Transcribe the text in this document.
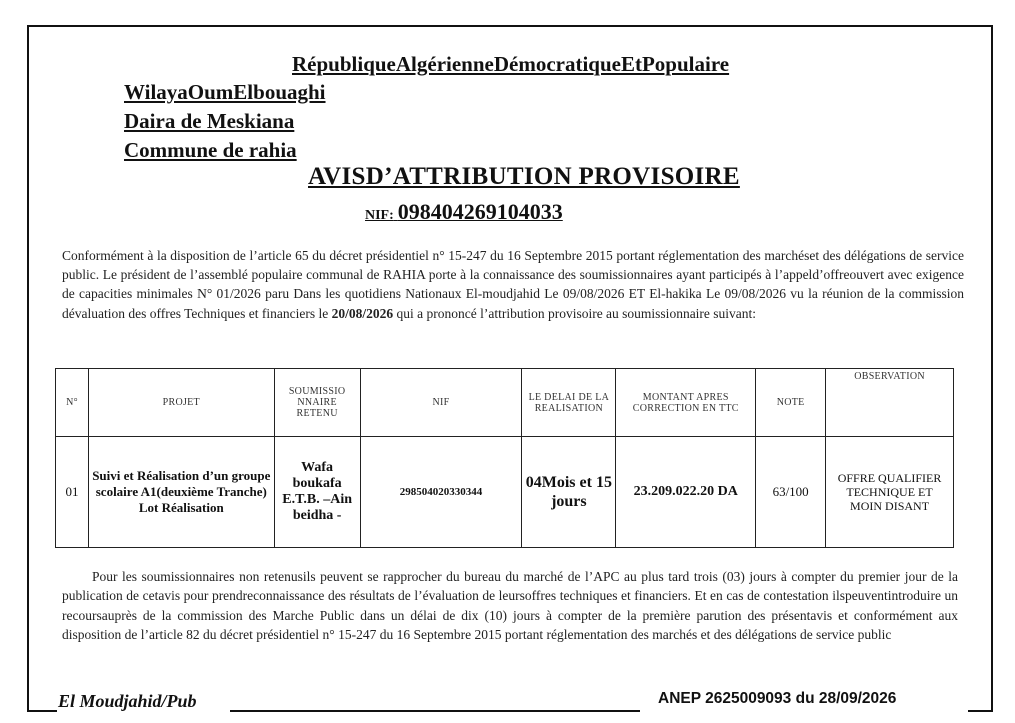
RépubliqueAlgérienneDémocratiqueEtPopulaire
WilayaOumElbouaghi
Daira de Meskiana
Commune de rahia
AVISD’ATTRIBUTION PROVISOIRE
NIF: 098404269104033
Conformément à la disposition de l’article 65 du décret présidentiel n° 15-247 du 16 Septembre 2015 portant réglementation des marchéset des délégations de service public. Le président de l’assemblé populaire communal de RAHIA porte à la connaissance des soumissionnaires ayant participés à l’appeld’offreouvert avec exigence de capacities minimales N° 01/2026 paru Dans les quotidiens Nationaux El-moudjahid Le 09/08/2026 ET El-hakika Le 09/08/2026 vu la réunion de la commission dévaluation des offres Techniques et financiers le 20/08/2026 qui a prononcé l’attribution provisoire au soumissionnaire suivant:
N°	PROJET	SOUMISSIO NNAIRE RETENU	NIF	LE DELAI DE LA REALISATION	MONTANT APRES CORRECTION EN TTC	NOTE	OBSERVATION
01	Suivi et Réalisation d’un groupe scolaire A1(deuxième Tranche) Lot Réalisation	Wafa boukafa E.T.B. –Ain beidha -	298504020330344	04Mois et 15 jours	23.209.022.20 DA	63/100	OFFRE QUALIFIER TECHNIQUE ET MOIN DISANT
Pour les soumissionnaires non retenusils peuvent se rapprocher du bureau du marché de l’APC au plus tard trois (03) jours à compter du premier jour de la publication de cetavis pour prendreconnaissance des résultats de l’évaluation de leursoffres techniques et financiers. Et en cas de contestation ilspeuventintroduire un recoursauprès de la commission des Marche Public dans un délai de dix (10) jours à compter de la première parution des présentavis et conformément aux disposition de l’article 82 du décret présidentiel n° 15-247 du 16 Septembre 2015 portant réglementation des marchés et des délégations de service public
El Moudjahid/Pub	ANEP 2625009093 du 28/09/2026
